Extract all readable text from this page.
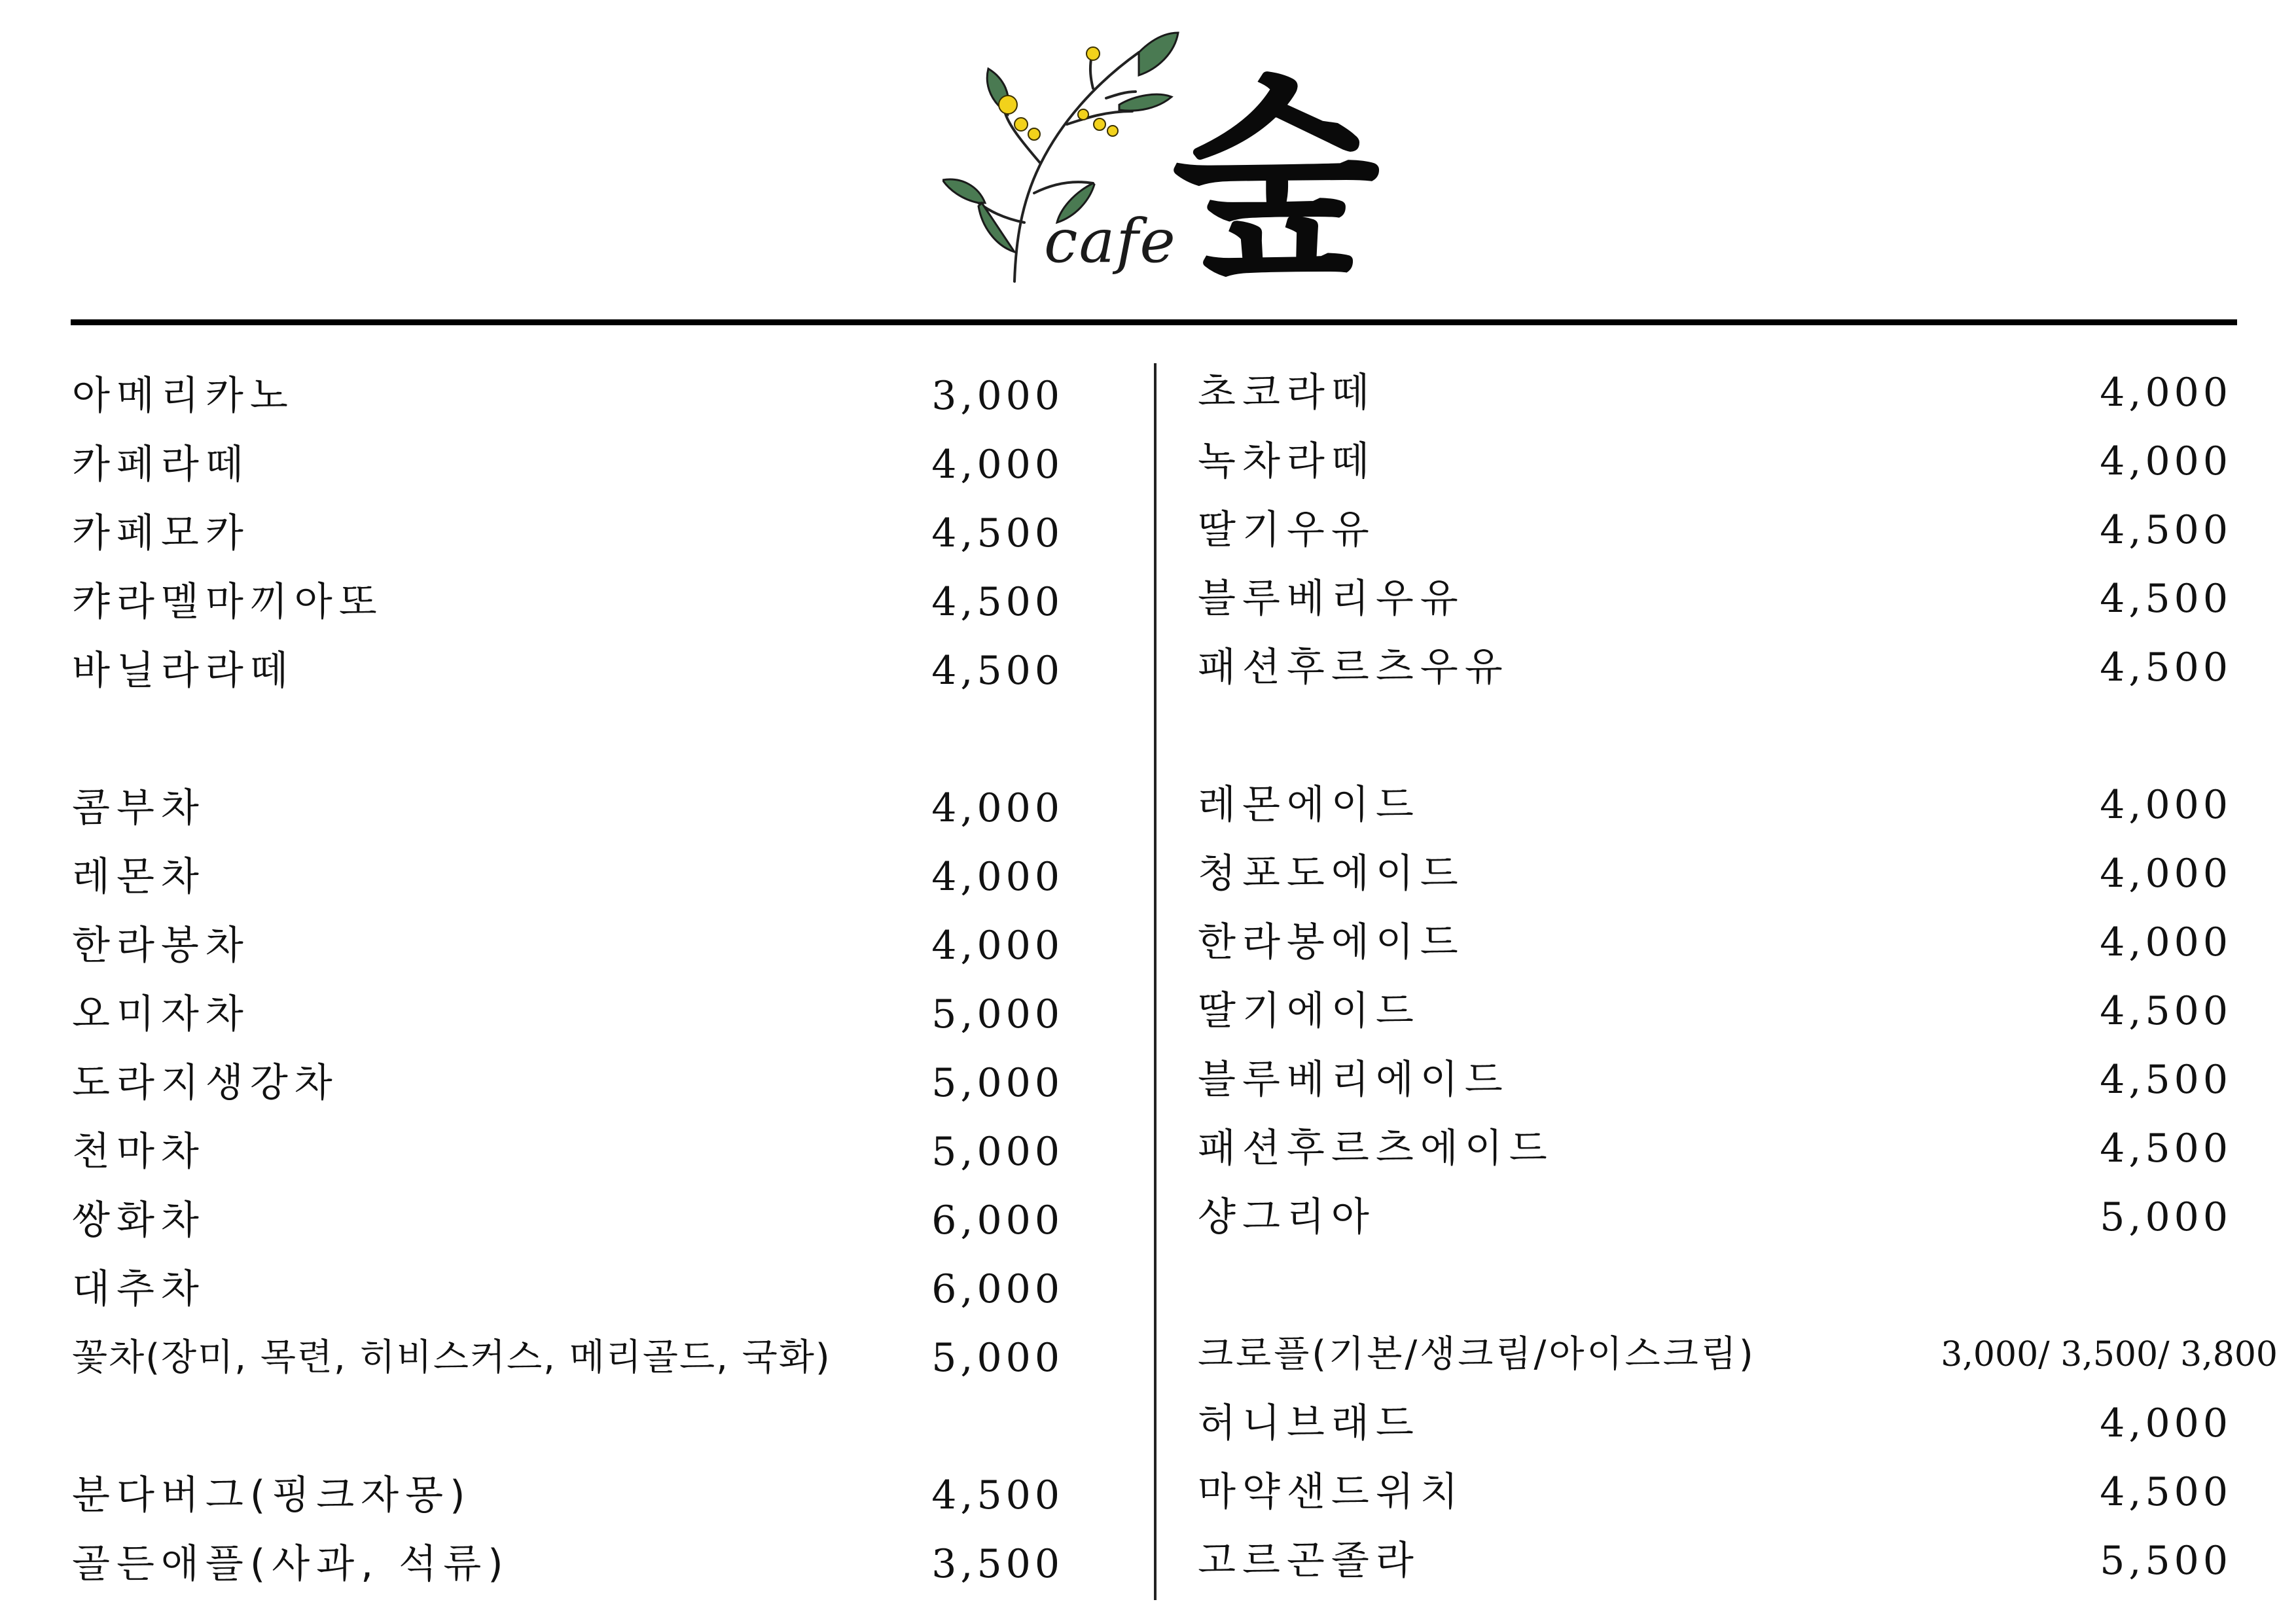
cafe
숲
아메리카노	3,000
카페라떼	4,000
카페모카	4,500
캬라멜마끼아또	4,500
바닐라라떼	4,500
콤부차	4,000
레몬차	4,000
한라봉차	4,000
오미자차	5,000
도라지생강차	5,000
천마차	5,000
쌍화차	6,000
대추차	6,000
꽃차(장미, 목련, 히비스커스, 메리골드, 국화)	5,000
분다버그(핑크자몽)	4,500
골든애플(사과, 석류)	3,500
초코라떼	4,000
녹차라떼	4,000
딸기우유	4,500
블루베리우유	4,500
패션후르츠우유	4,500
레몬에이드	4,000
청포도에이드	4,000
한라봉에이드	4,000
딸기에이드	4,500
블루베리에이드	4,500
패션후르츠에이드	4,500
샹그리아	5,000
크로플(기본/생크림/아이스크림)	3,000/ 3,500/ 3,800
허니브래드	4,000
마약샌드위치	4,500
고르곤졸라	5,500
